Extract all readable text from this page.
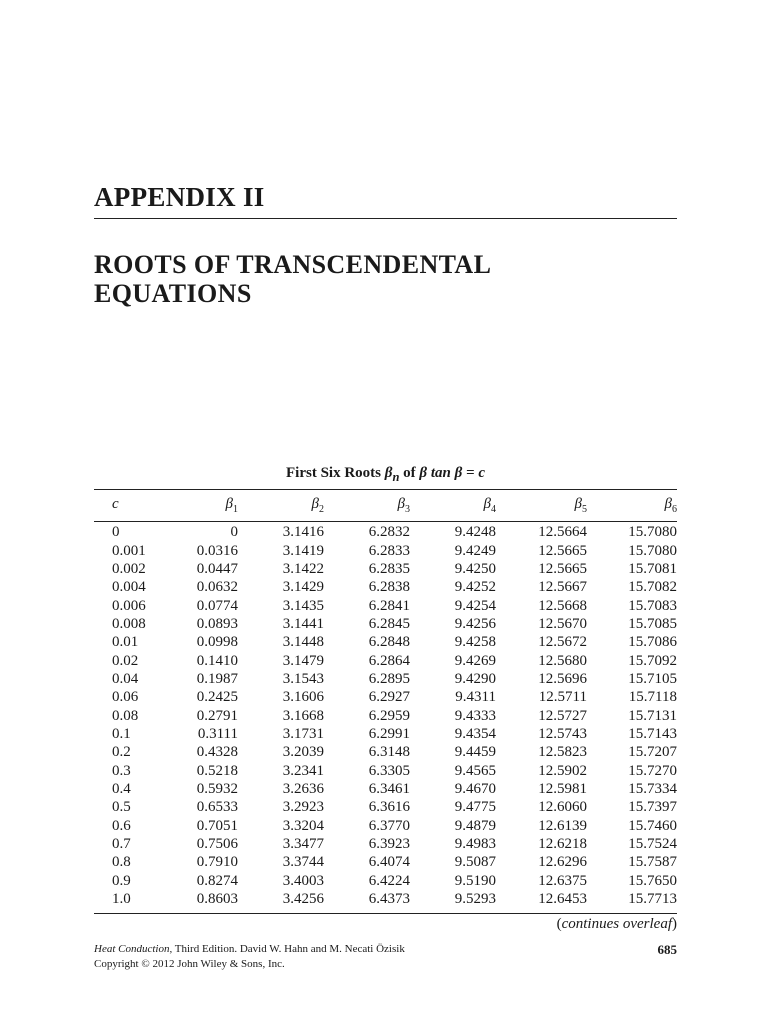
APPENDIX II
ROOTS OF TRANSCENDENTAL
EQUATIONS
First Six Roots $\beta_n$ of β tan β = c
c	$\beta_1$	$\beta_2$	$\beta_3$	$\beta_4$	$\beta_5$	$\beta_6$
0	0	3.1416	6.2832	9.4248	12.5664	15.7080
0.001	0.0316	3.1419	6.2833	9.4249	12.5665	15.7080
0.002	0.0447	3.1422	6.2835	9.4250	12.5665	15.7081
0.004	0.0632	3.1429	6.2838	9.4252	12.5667	15.7082
0.006	0.0774	3.1435	6.2841	9.4254	12.5668	15.7083
0.008	0.0893	3.1441	6.2845	9.4256	12.5670	15.7085
0.01	0.0998	3.1448	6.2848	9.4258	12.5672	15.7086
0.02	0.1410	3.1479	6.2864	9.4269	12.5680	15.7092
0.04	0.1987	3.1543	6.2895	9.4290	12.5696	15.7105
0.06	0.2425	3.1606	6.2927	9.4311	12.5711	15.7118
0.08	0.2791	3.1668	6.2959	9.4333	12.5727	15.7131
0.1	0.3111	3.1731	6.2991	9.4354	12.5743	15.7143
0.2	0.4328	3.2039	6.3148	9.4459	12.5823	15.7207
0.3	0.5218	3.2341	6.3305	9.4565	12.5902	15.7270
0.4	0.5932	3.2636	6.3461	9.4670	12.5981	15.7334
0.5	0.6533	3.2923	6.3616	9.4775	12.6060	15.7397
0.6	0.7051	3.3204	6.3770	9.4879	12.6139	15.7460
0.7	0.7506	3.3477	6.3923	9.4983	12.6218	15.7524
0.8	0.7910	3.3744	6.4074	9.5087	12.6296	15.7587
0.9	0.8274	3.4003	6.4224	9.5190	12.6375	15.7650
1.0	0.8603	3.4256	6.4373	9.5293	12.6453	15.7713
(continues overleaf)
Heat Conduction, Third Edition. David W. Hahn and M. Necati Özisik
Copyright © 2012 John Wiley & Sons, Inc.
685
